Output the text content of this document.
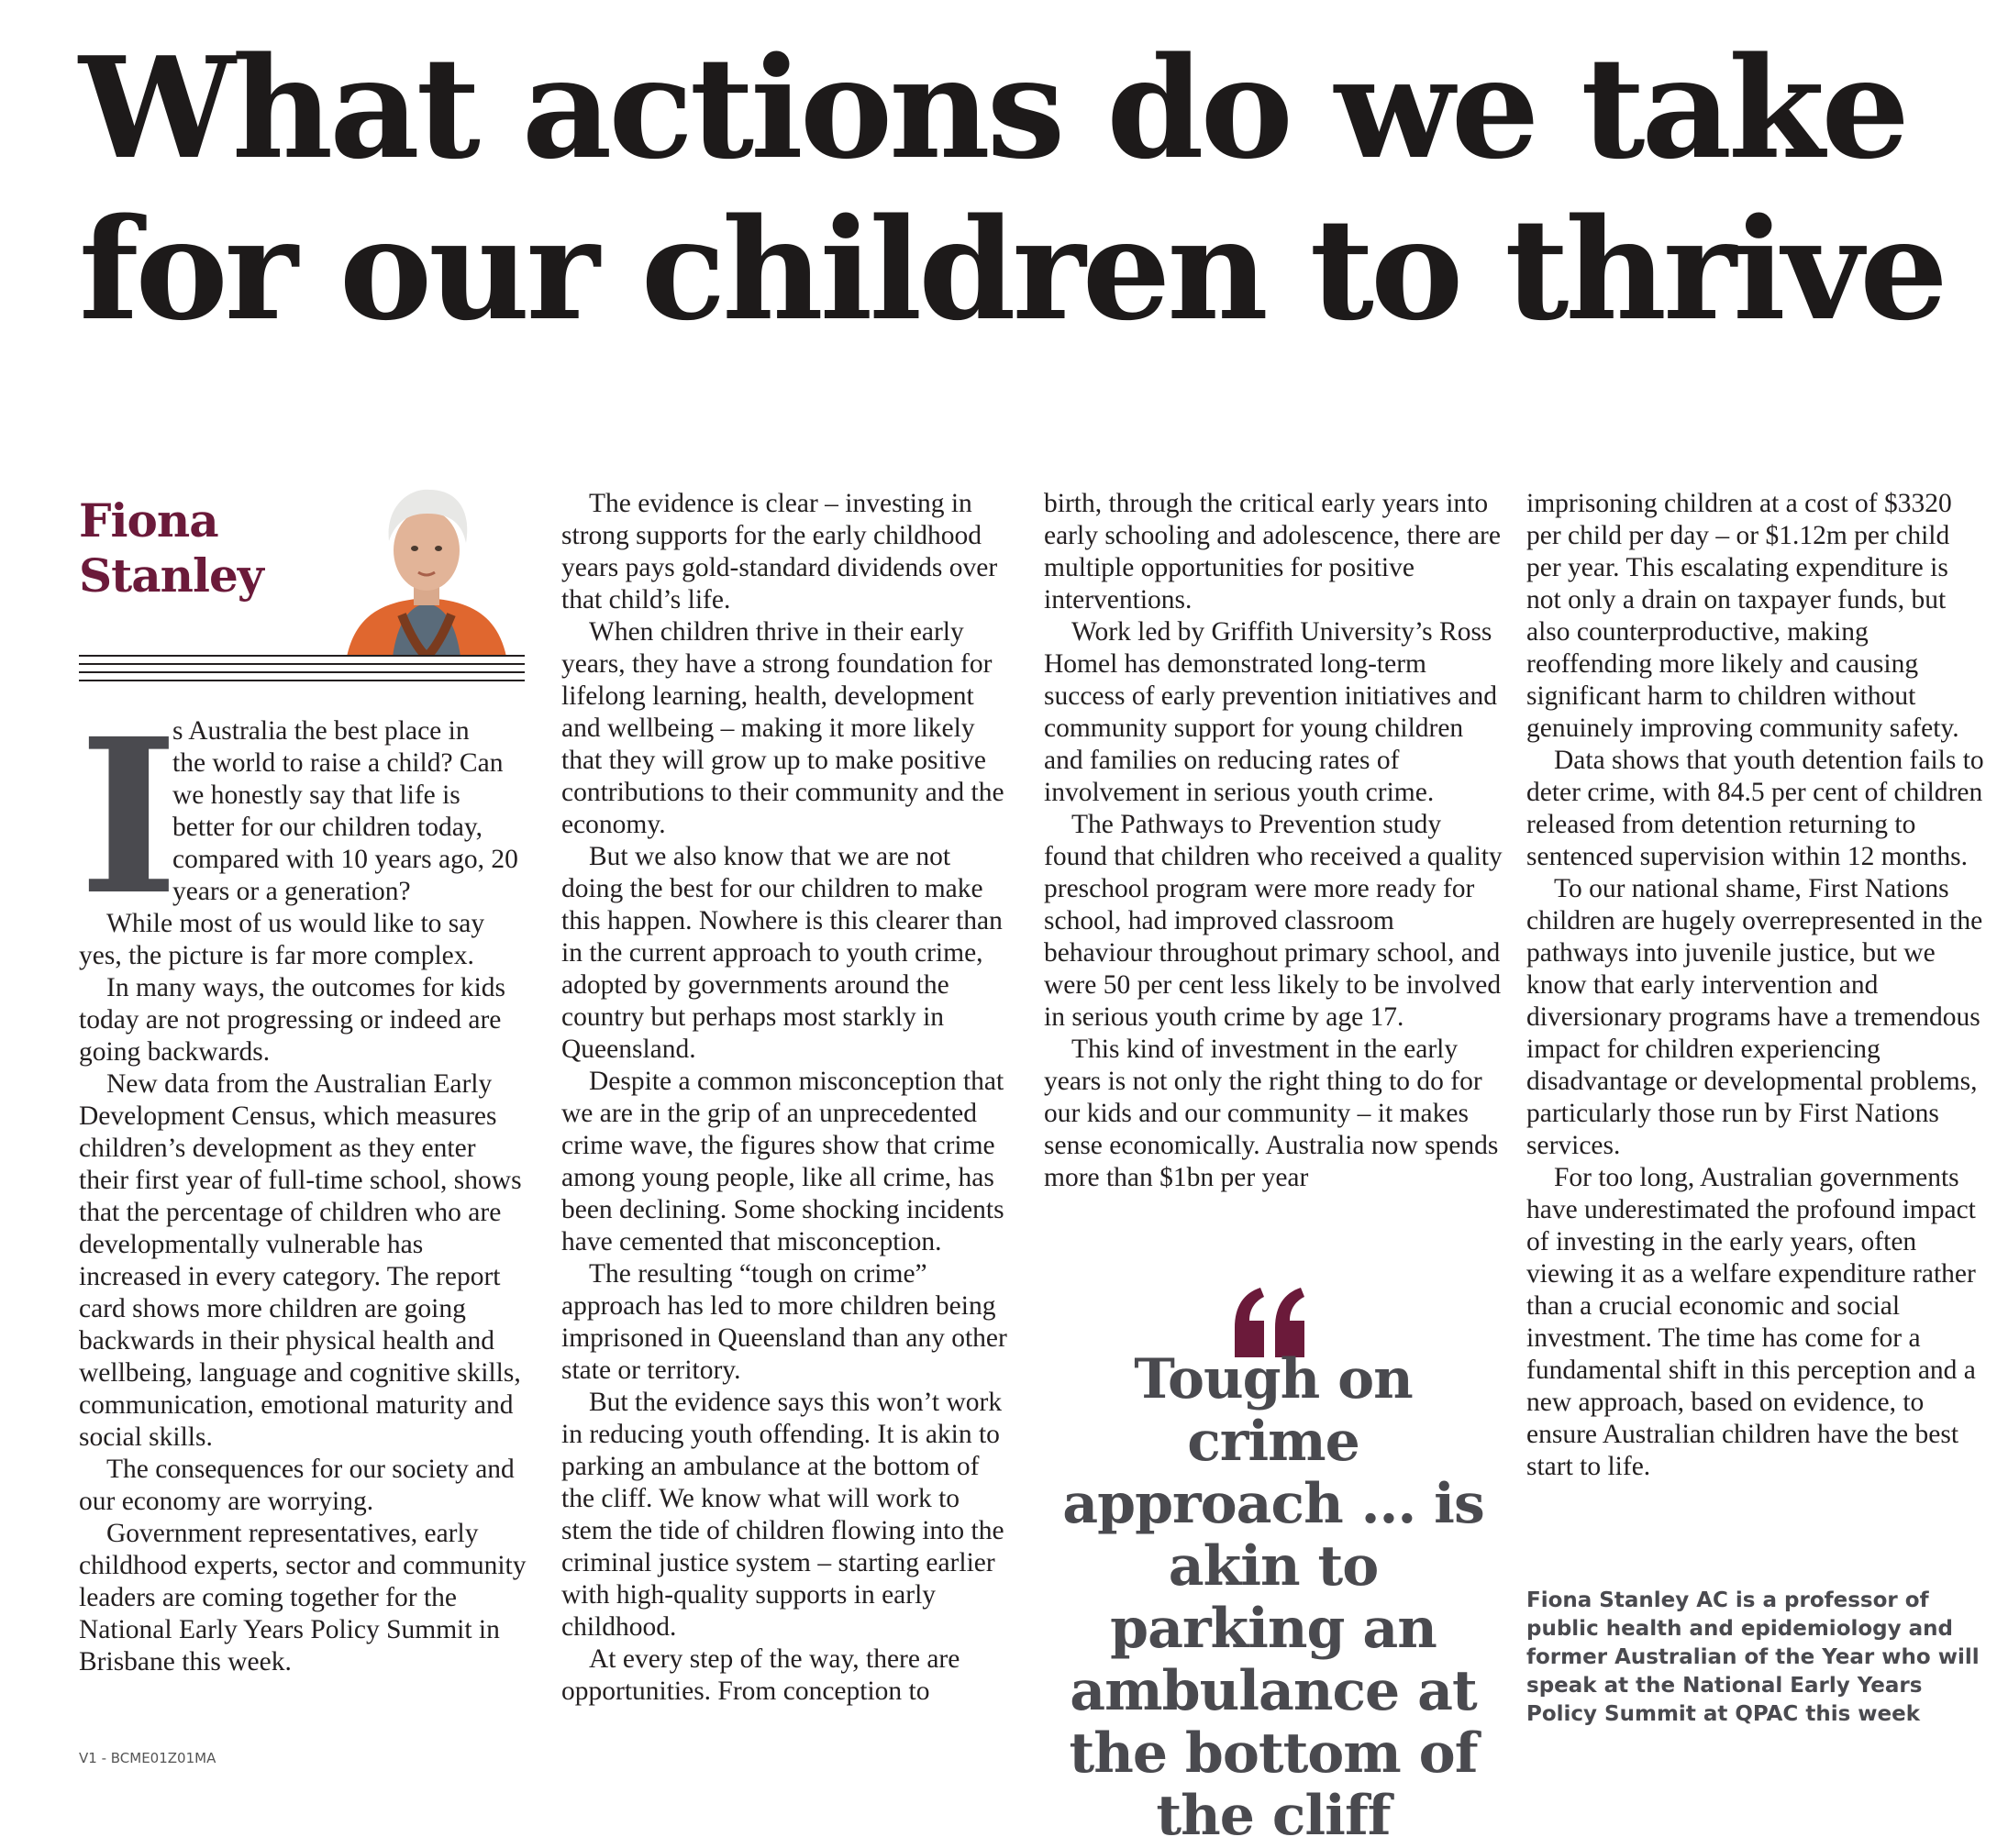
What actions do we take
for our children to thrive
Fiona
Stanley
I

s Australia the best place in

the world to raise a child? Can we honestly say that life is better for our children today, compared with 10 years ago, 20 years or a generation?

While most of us would like to say yes, the picture is far more complex.

In many ways, the outcomes for kids today are not progressing or indeed are going backwards.

New data from the Australian Early Development Census, which measures children’s development as they enter their first year of full-time school, shows that the percentage of children who are developmentally vulnerable has increased in every category. The report card shows more children are going backwards in their physical health and wellbeing, language and cognitive skills, communication, emotional maturity and social skills.

The consequences for our society and our economy are worrying.

Government representatives, early childhood experts, sector and community leaders are coming together for the National Early Years Policy Summit in Brisbane this week.

The evidence is clear – investing in strong supports for the early childhood years pays gold-standard dividends over that child’s life.

When children thrive in their early years, they have a strong foundation for lifelong learning, health, development and wellbeing – making it more likely that they will grow up to make positive contributions to their community and the economy.

But we also know that we are not doing the best for our children to make this happen. Nowhere is this clearer than in the current approach to youth crime, adopted by governments around the country but perhaps most starkly in Queensland.

Despite a common misconception that we are in the grip of an unprecedented crime wave, the figures show that crime among young people, like all crime, has been declining. Some shocking incidents have cemented that misconception.

The resulting “tough on crime” approach has led to more children being imprisoned in Queensland than any other state or territory.

But the evidence says this won’t work in reducing youth offending. It is akin to parking an ambulance at the bottom of the cliff. We know what will work to stem the tide of children flowing into the criminal justice system – starting earlier with high-quality supports in early childhood.

At every step of the way, there are opportunities. From conception to

birth, through the critical early years into early schooling and adolescence, there are multiple opportunities for positive interventions.

Work led by Griffith University’s Ross Homel has demonstrated long-term success of early prevention initiatives and community support for young children and families on reducing rates of involvement in serious youth crime.

The Pathways to Prevention study found that children who received a quality preschool program were more ready for school, had improved classroom behaviour throughout primary school, and were 50 per cent less likely to be involved in serious youth crime by age 17.

This kind of investment in the early years is not only the right thing to do for our kids and our community – it makes sense economically. Australia now spends more than $1bn per year

Tough on crime approach ... is akin to parking an ambulance at the bottom of the cliff

imprisoning children at a cost of $3320 per child per day – or $1.12m per child per year. This escalating expenditure is not only a drain on taxpayer funds, but also counterproductive, making reoffending more likely and causing significant harm to children without genuinely improving community safety.

Data shows that youth detention fails to deter crime, with 84.5 per cent of children released from detention returning to sentenced supervision within 12 months.

To our national shame, First Nations children are hugely overrepresented in the pathways into juvenile justice, but we know that early intervention and diversionary programs have a tremendous impact for children experiencing disadvantage or developmental problems, particularly those run by First Nations services.

For too long, Australian governments have underestimated the profound impact of investing in the early years, often viewing it as a welfare expenditure rather than a crucial economic and social investment. The time has come for a fundamental shift in this perception and a new approach, based on evidence, to ensure Australian children have the best start to life.

Fiona Stanley AC is a professor of public health and epidemiology and former Australian of the Year who will speak at the National Early Years Policy Summit at QPAC this week
V1 - BCME01Z01MA
